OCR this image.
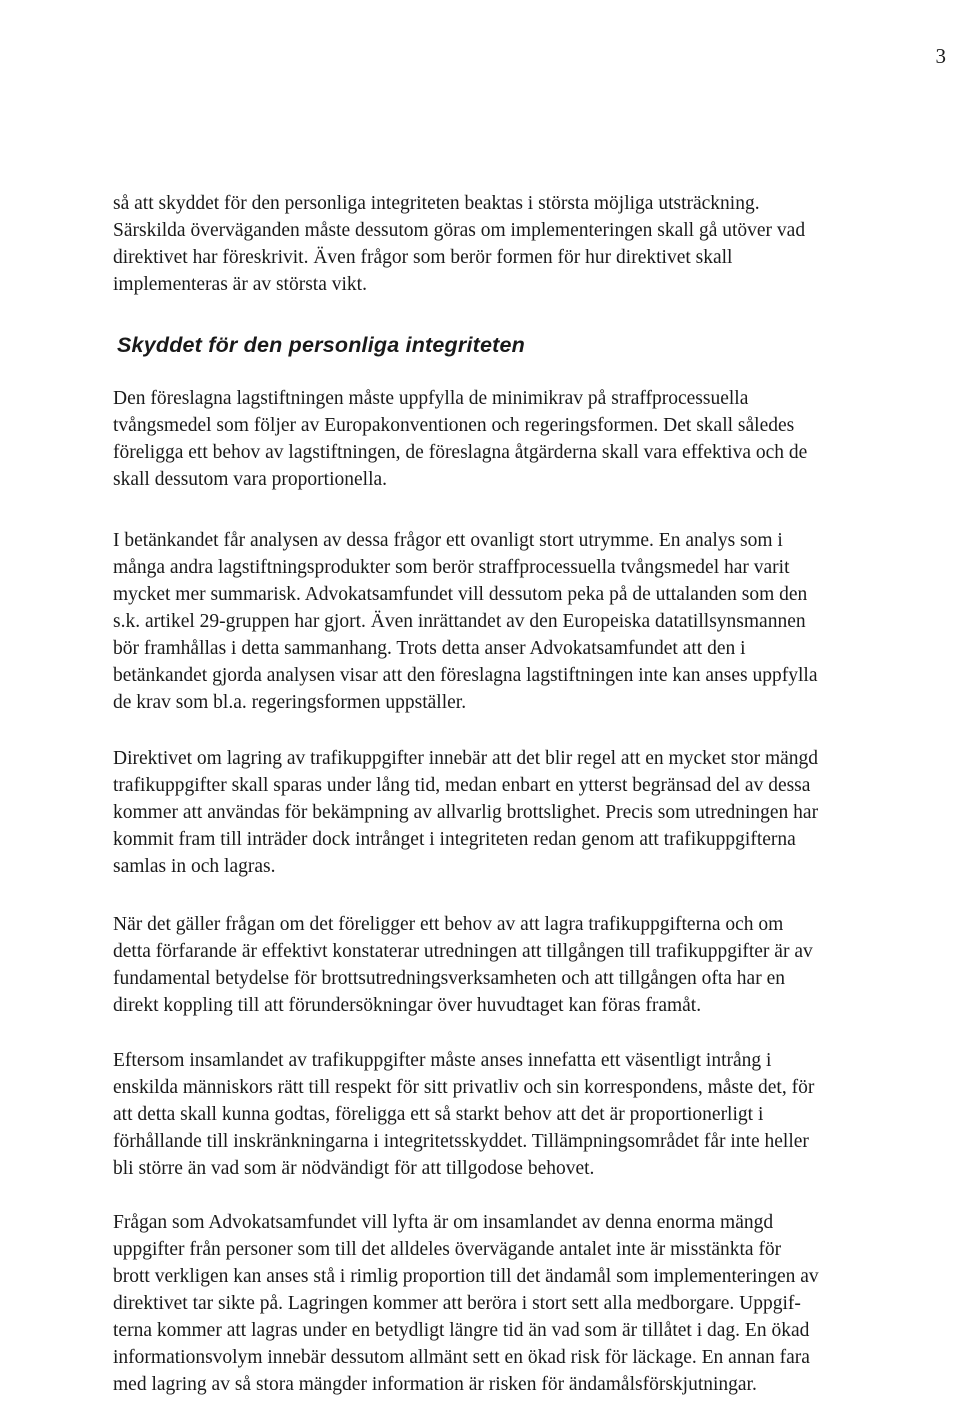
3

så att skyddet för den personliga integriteten beaktas i största möjliga utsträckning.
Särskilda överväganden måste dessutom göras om implementeringen skall gå utöver vad
direktivet har föreskrivit. Även frågor som berör formen för hur direktivet skall
implementeras är av största vikt.

Skyddet för den personliga integriteten

Den föreslagna lagstiftningen måste uppfylla de minimikrav på straffprocessuella
tvångsmedel som följer av Europakonventionen och regeringsformen. Det skall således
föreligga ett behov av lagstiftningen, de föreslagna åtgärderna skall vara effektiva och de
skall dessutom vara proportionella.

I betänkandet får analysen av dessa frågor ett ovanligt stort utrymme. En analys som i
många andra lagstiftningsprodukter som berör straffprocessuella tvångsmedel har varit
mycket mer summarisk. Advokatsamfundet vill dessutom peka på de uttalanden som den
s.k. artikel 29-gruppen har gjort. Även inrättandet av den Europeiska datatillsynsmannen
bör framhållas i detta sammanhang. Trots detta anser Advokatsamfundet att den i
betänkandet gjorda analysen visar att den föreslagna lagstiftningen inte kan anses uppfylla
de krav som bl.a. regeringsformen uppställer.

Direktivet om lagring av trafikuppgifter innebär att det blir regel att en mycket stor mängd
trafikuppgifter skall sparas under lång tid, medan enbart en ytterst begränsad del av dessa
kommer att användas för bekämpning av allvarlig brottslighet. Precis som utredningen har
kommit fram till inträder dock intrånget i integriteten redan genom att trafikuppgifterna
samlas in och lagras.

När det gäller frågan om det föreligger ett behov av att lagra trafikuppgifterna och om
detta förfarande är effektivt konstaterar utredningen att tillgången till trafikuppgifter är av
fundamental betydelse för brottsutredningsverksamheten och att tillgången ofta har en
direkt koppling till att förundersökningar över huvudtaget kan föras framåt.

Eftersom insamlandet av trafikuppgifter måste anses innefatta ett väsentligt intrång i
enskilda människors rätt till respekt för sitt privatliv och sin korrespondens, måste det, för
att detta skall kunna godtas, föreligga ett så starkt behov att det är proportionerligt i
förhållande till inskränkningarna i integritetsskyddet. Tillämpningsområdet får inte heller
bli större än vad som är nödvändigt för att tillgodose behovet.

Frågan som Advokatsamfundet vill lyfta är om insamlandet av denna enorma mängd
uppgifter från personer som till det alldeles övervägande antalet inte är misstänkta för
brott verkligen kan anses stå i rimlig proportion till det ändamål som implementeringen av
direktivet tar sikte på. Lagringen kommer att beröra i stort sett alla medborgare. Uppgif-
terna kommer att lagras under en betydligt längre tid än vad som är tillåtet i dag. En ökad
informationsvolym innebär dessutom allmänt sett en ökad risk för läckage. En annan fara
med lagring av så stora mängder information är risken för ändamålsförskjutningar.
